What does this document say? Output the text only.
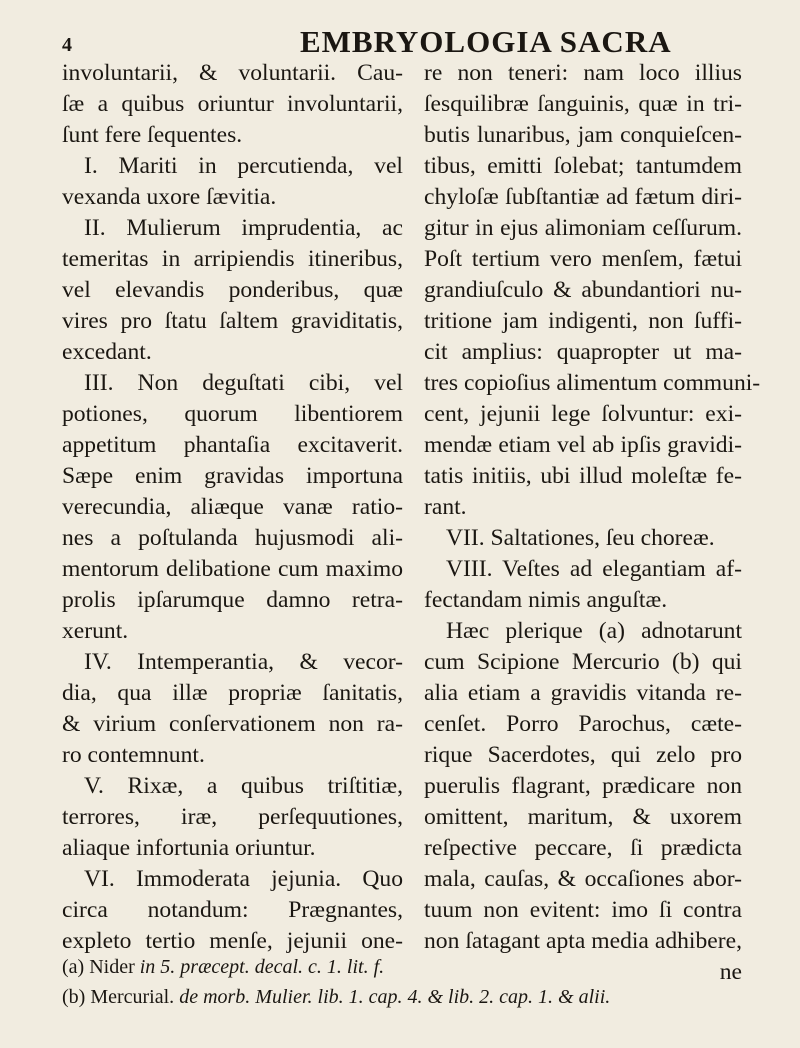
4	EMBRYOLOGIA SACRA
involuntarii, & voluntarii. Cau-
ſæ a quibus oriuntur involuntarii,
ſunt fere ſequentes.
I. Mariti in percutienda, vel
vexanda uxore ſævitia.
II. Mulierum imprudentia, ac
temeritas in arripiendis itineribus,
vel elevandis ponderibus, quæ
vires pro ſtatu ſaltem graviditatis,
excedant.
III. Non deguſtati cibi, vel
potiones, quorum libentiorem
appetitum phantaſia excitaverit.
Sæpe enim gravidas importuna
verecundia, aliæque vanæ ratio-
nes a poſtulanda hujusmodi ali-
mentorum delibatione cum maximo
prolis ipſarumque damno retra-
xerunt.
IV. Intemperantia, & vecor-
dia, qua illæ propriæ ſanitatis,
& virium conſervationem non ra-
ro contemnunt.
V. Rixæ, a quibus triſtitiæ,
terrores, iræ, perſequutiones,
aliaque infortunia oriuntur.
VI. Immoderata jejunia. Quo
circa notandum: Prægnantes,
expleto tertio menſe, jejunii one-
re non teneri: nam loco illius
ſesquilibræ ſanguinis, quæ in tri-
butis lunaribus, jam conquieſcen-
tibus, emitti ſolebat; tantumdem
chyloſæ ſubſtantiæ ad fætum diri-
gitur in ejus alimoniam ceſſurum.
Poſt tertium vero menſem, fætui
grandiuſculo & abundantiori nu-
tritione jam indigenti, non ſuffi-
cit amplius: quapropter ut ma-
tres copioſius alimentum communi-
cent, jejunii lege ſolvuntur: exi-
mendæ etiam vel ab ipſis gravidi-
tatis initiis, ubi illud moleſtæ fe-
rant.
VII. Saltationes, ſeu choreæ.
VIII. Veſtes ad elegantiam af-
fectandam nimis anguſtæ.
Hæc plerique (a) adnotarunt
cum Scipione Mercurio (b) qui
alia etiam a gravidis vitanda re-
cenſet. Porro Parochus, cæte-
rique Sacerdotes, qui zelo pro
puerulis flagrant, prædicare non
omittent, maritum, & uxorem
reſpective peccare, ſi prædicta
mala, cauſas, & occaſiones abor-
tuum non evitent: imo ſi contra
non ſatagant apta media adhibere,
ne
(a) Nider in 5. præcept. decal. c. 1. lit. f.
(b) Mercurial. de morb. Mulier. lib. 1. cap. 4. & lib. 2. cap. 1. & alii.
